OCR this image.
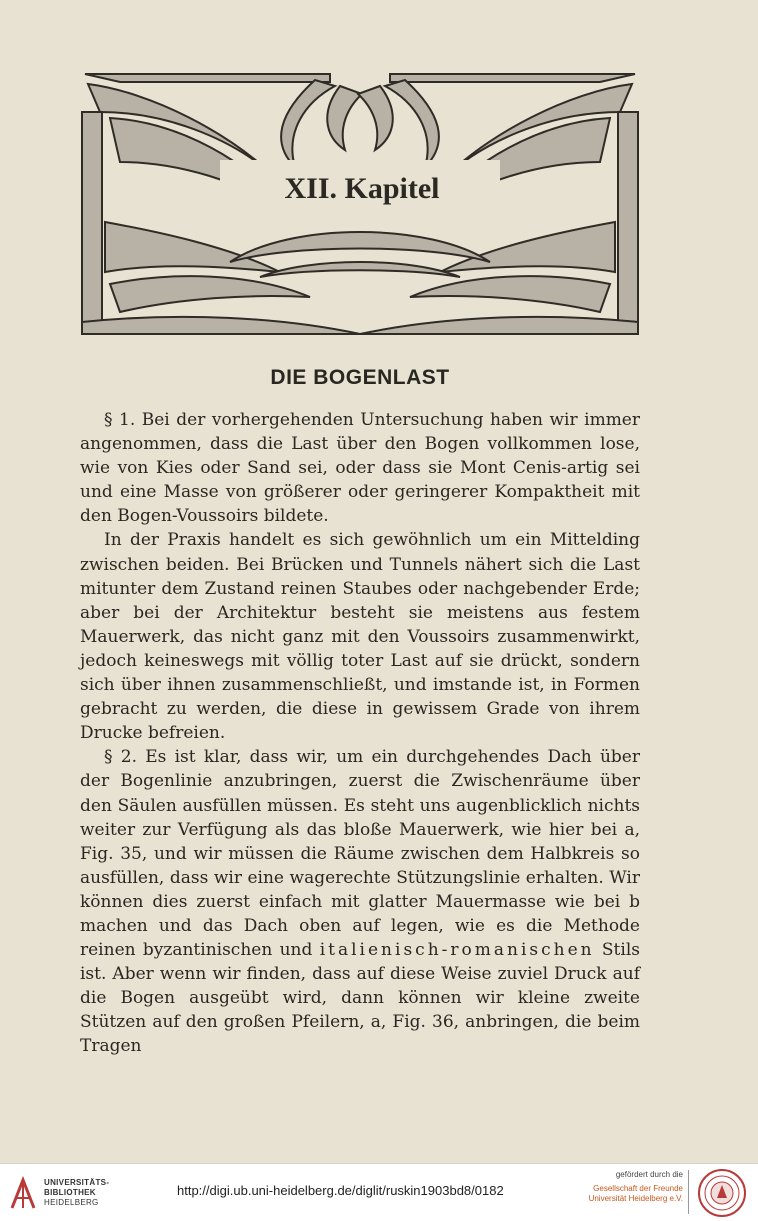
XII. Kapitel
DIE BOGENLAST

§ 1. Bei der vorhergehenden Untersuchung haben wir immer angenommen, dass die Last über den Bogen vollkommen lose, wie von Kies oder Sand sei, oder dass sie Mont Cenis-artig sei und eine Masse von größerer oder geringerer Kompaktheit mit den Bogen-Voussoirs bildete.

In der Praxis handelt es sich gewöhnlich um ein Mittelding zwischen beiden. Bei Brücken und Tunnels nähert sich die Last mitunter dem Zustand reinen Staubes oder nachgebender Erde; aber bei der Architektur besteht sie meistens aus festem Mauerwerk, das nicht ganz mit den Voussoirs zusammenwirkt, jedoch keineswegs mit völlig toter Last auf sie drückt, sondern sich über ihnen zusammenschließt, und imstande ist, in Formen gebracht zu werden, die diese in gewissem Grade von ihrem Drucke befreien.

§ 2. Es ist klar, dass wir, um ein durchgehendes Dach über der Bogenlinie anzubringen, zuerst die Zwischenräume über den Säulen ausfüllen müssen. Es steht uns augenblicklich nichts weiter zur Verfügung als das bloße Mauerwerk, wie hier bei a, Fig. 35, und wir müssen die Räume zwischen dem Halbkreis so ausfüllen, dass wir eine wagerechte Stützungslinie erhalten. Wir können dies zuerst einfach mit glatter Mauermasse wie bei b machen und das Dach oben auf legen, wie es die Methode reinen byzantinischen und italienisch-romanischen Stils ist. Aber wenn wir finden, dass auf diese Weise zuviel Druck auf die Bogen ausgeübt wird, dann können wir kleine zweite Stützen auf den großen Pfeilern, a, Fig. 36, anbringen, die beim Tragen

UNIVERSITÄTS-
BIBLIOTHEK
HEIDELBERG
http://digi.ub.uni-heidelberg.de/diglit/ruskin1903bd8/0182
gefördert durch die
Gesellschaft der Freunde
Universität Heidelberg e.V.
